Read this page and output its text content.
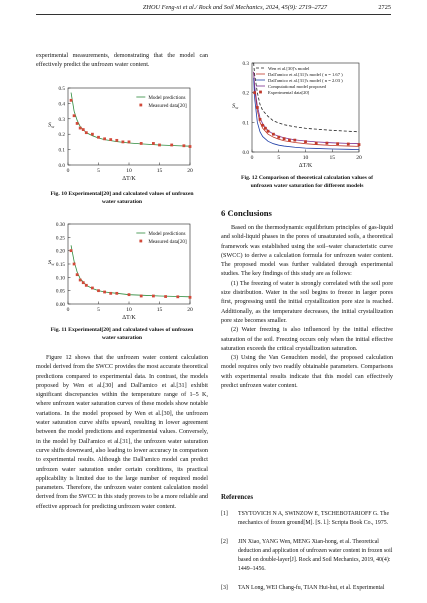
ZHOU Feng-xi et al./ Rock and Soil Mechanics, 2024, 45(9): 2719–2727	2725

experimental measurements, demonstrating that the model can effectively predict the unfrozen water content.

0	5	10	15	20
0.0
0.1
0.2
0.3
0.4
0.5
ΔT/K
$S_w$
Model predictions
Measured data[20]
Fig. 10 Experimental[20] and calculated values of unfrozen
water saturation
0	5	10	15	20
0.00
0.05
0.10
0.15
0.20
0.25
0.30
ΔT/K
$S_w$
Model predictions
Measured data[20]
Fig. 11 Experimental[20] and calculated values of unfrozen
water saturation

Figure 12 shows that the unfrozen water content calculation model derived from the SWCC provides the most accurate theoretical predictions compared to experimental data. In contrast, the models proposed by Wen et al.[30] and Dall'amico et al.[31] exhibit significant discrepancies within the temperature range of 1–5 K, where unfrozen water saturation curves of these models show notable variations. In the model proposed by Wen et al.[30], the unfrozen water saturation curve shifts upward, resulting in lower agreement between the model predictions and experimental values. Conversely, in the model by Dall'amico et al.[31], the unfrozen water saturation curve shifts downward, also leading to lower accuracy in comparison to experimental results. Although the Dall'amico model can predict unfrozen water saturation under certain conditions, its practical applicability is limited due to the large number of required model parameters. Therefore, the unfrozen water content calculation model derived from the SWCC in this study proves to be a more reliable and effective approach for predicting unfrozen water content.

0	5	10	15	20
0.0
0.1
0.2
0.3
ΔT/K
$S_w$
Wen et al.[30]'s model
Dall'amico et al.[31]'s model ( n = 1.67 )
Dall'amico et al.[31]'s model ( n = 2.03 )
Computational model proposed
Experimental data[20]
Fig. 12 Comparison of theoretical calculation values of
unfrozen water saturation for different models
6 Conclusions

Based on the thermodynamic equilibrium principles of gas-liquid and solid-liquid phases in the pores of unsaturated soils, a theoretical framework was established using the soil–water characteristic curve (SWCC) to derive a calculation formula for unfrozen water content. The proposed model was further validated through experimental studies. The key findings of this study are as follows:

(1) The freezing of water is strongly correlated with the soil pore size distribution. Water in the soil begins to freeze in larger pores first, progressing until the initial crystallization pore size is reached. Additionally, as the temperature decreases, the initial crystallization pore size becomes smaller.

(2) Water freezing is also influenced by the initial effective saturation of the soil. Freezing occurs only when the initial effective saturation exceeds the critical crystallization saturation.

(3) Using the Van Genuchten model, the proposed calculation model requires only two readily obtainable parameters. Comparisons with experimental results indicate that this model can effectively predict unfrozen water content.

References
[1] TSYTOVICH N A, SWINZOW E, TSCHEBOTARIOFF G. The mechanics of frozen ground[M]. [S. l.]: Scripta Book Co., 1975.
[2] JIN Xiao, YANG Wen, MENG Xian-hong, et al. Theoretical deduction and application of unfrozen water content in frozen soil based on double-layer[J]. Rock and Soil Mechanics, 2019, 40(4): 1449–1456.
[3] TAN Long, WEI Chang-fu, TIAN Hui-hui, et al. Experimental
